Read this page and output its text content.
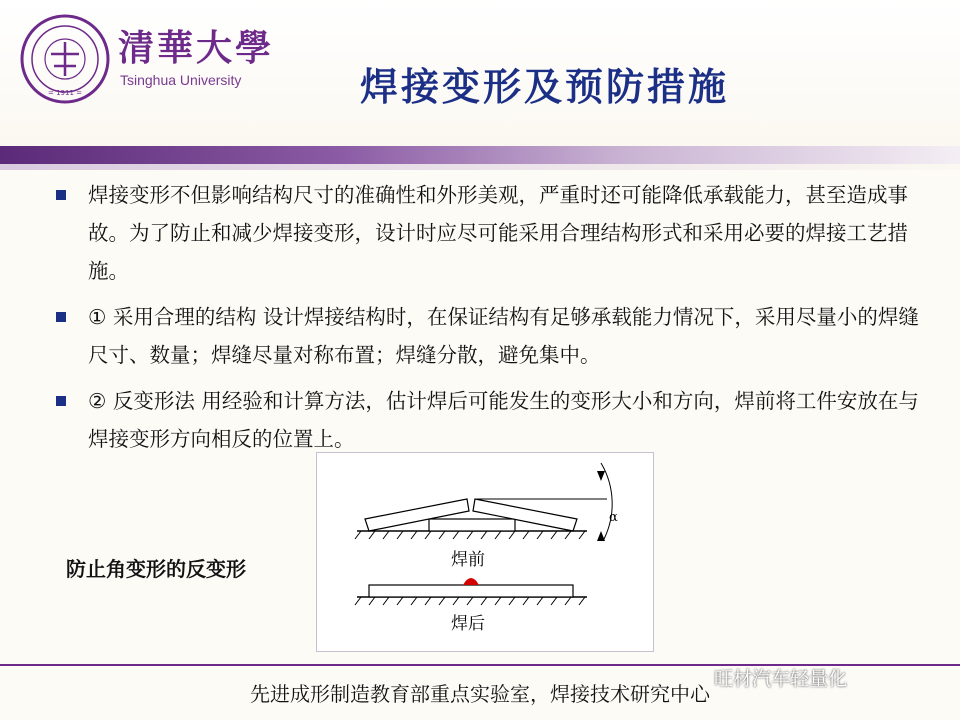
= 1911 =
清華大學
Tsinghua University	焊接变形及预防措施
焊接变形不但影响结构尺寸的准确性和外形美观，严重时还可能降低承载能力，甚至造成事故。为了防止和减少焊接变形，设计时应尽可能采用合理结构形式和采用必要的焊接工艺措施。
① 采用合理的结构 设计焊接结构时，在保证结构有足够承载能力情况下，采用尽量小的焊缝尺寸、数量；焊缝尽量对称布置；焊缝分散，避免集中。
② 反变形法 用经验和计算方法，估计焊后可能发生的变形大小和方向，焊前将工件安放在与焊接变形方向相反的位置上。
α
焊前
焊后
防止角变形的反变形
先进成形制造教育部重点实验室，焊接技术研究中心
旺材汽车轻量化
